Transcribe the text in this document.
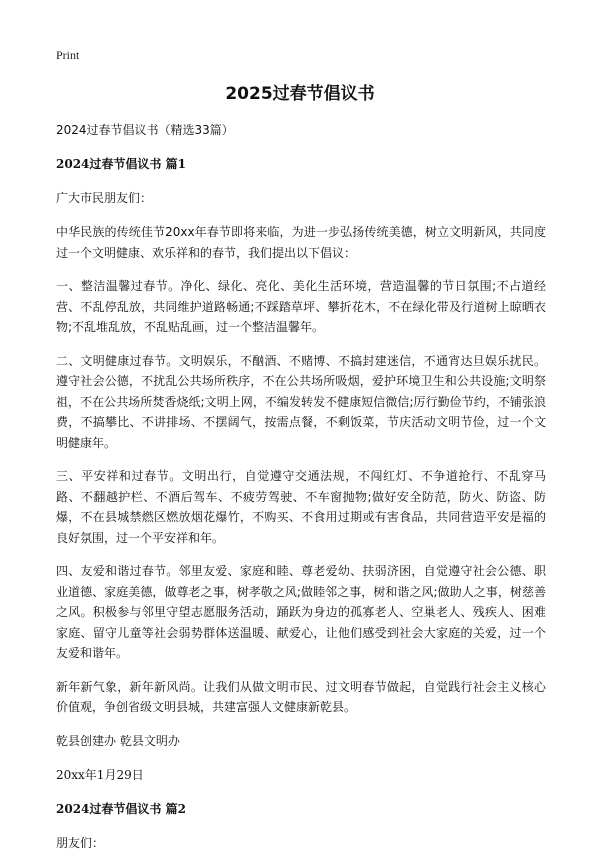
Print
2025过春节倡议书

2024过春节倡议书（精选33篇）

2024过春节倡议书 篇1

广大市民朋友们：

中华民族的传统佳节20xx年春节即将来临，为进一步弘扬传统美德，树立文明新风，共同度过一个文明健康、欢乐祥和的春节，我们提出以下倡议：

一、整洁温馨过春节。净化、绿化、亮化、美化生活环境，营造温馨的节日氛围;不占道经营、不乱停乱放，共同维护道路畅通;不踩踏草坪、攀折花木，不在绿化带及行道树上晾晒衣物;不乱堆乱放，不乱贴乱画，过一个整洁温馨年。

二、文明健康过春节。文明娱乐，不酗酒、不赌博、不搞封建迷信，不通宵达旦娱乐扰民。遵守社会公德，不扰乱公共场所秩序，不在公共场所吸烟，爱护环境卫生和公共设施;文明祭祖，不在公共场所焚香烧纸;文明上网，不编发转发不健康短信微信;厉行勤俭节约，不铺张浪费，不搞攀比、不讲排场、不摆阔气，按需点餐，不剩饭菜，节庆活动文明节俭，过一个文明健康年。

三、平安祥和过春节。文明出行，自觉遵守交通法规，不闯红灯、不争道抢行、不乱穿马路、不翻越护栏、不酒后驾车、不疲劳驾驶、不车窗抛物;做好安全防范，防火、防盗、防爆，不在县城禁燃区燃放烟花爆竹，不购买、不食用过期或有害食品，共同营造平安是福的良好氛围，过一个平安祥和年。

四、友爱和谐过春节。邻里友爱、家庭和睦、尊老爱幼、扶弱济困，自觉遵守社会公德、职业道德、家庭美德，做尊老之事，树孝敬之风;做睦邻之事，树和谐之风;做助人之事，树慈善之风。积极参与邻里守望志愿服务活动，踊跃为身边的孤寡老人、空巢老人、残疾人、困难家庭、留守儿童等社会弱势群体送温暖、献爱心，让他们感受到社会大家庭的关爱，过一个友爱和谐年。

新年新气象，新年新风尚。让我们从做文明市民、过文明春节做起，自觉践行社会主义核心价值观，争创省级文明县城，共建富强人文健康新乾县。

乾县创建办 乾县文明办

20xx年1月29日

2024过春节倡议书 篇2

朋友们：
